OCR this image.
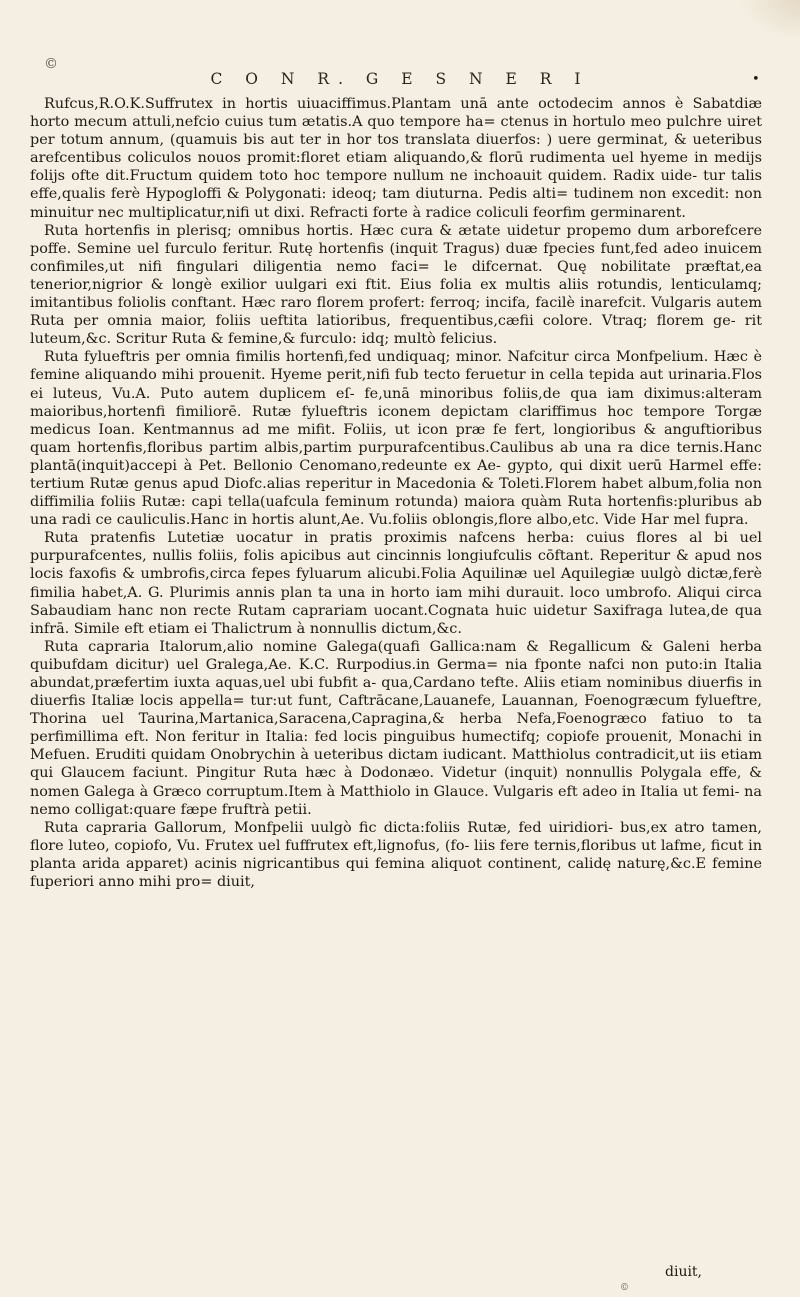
©
C O N R. G E S N E R I	•

Rufcus,R.O.K.Suffrutex in hortis uiuaciffimus.Plantam unā ante octodecim annos è Sabatdiæ horto mecum attuli,nefcio cuius tum ætatis.A quo tempore ha= ctenus in hortulo meo pulchre uiret per totum annum, (quamuis bis aut ter in hor tos translata diuerfos: ) uere germinat, & ueteribus arefcentibus coliculos nouos promit:floret etiam aliquando,& florū rudimenta uel hyeme in medijs folijs ofte dit.Fructum quidem toto hoc tempore nullum ne inchoauit quidem. Radix uide- tur talis effe,qualis ferè Hypogloffi & Polygonati: ideoq; tam diuturna. Pedis alti= tudinem non excedit: non minuitur nec multiplicatur,nifi ut dixi. Refracti forte à radice coliculi feorfim germinarent.

Ruta hortenfis in plerisq; omnibus hortis. Hæc cura & ætate uidetur propemo dum arborefcere poffe. Semine uel furculo feritur. Rutę hortenfis (inquit Tragus) duæ fpecies funt,fed adeo inuicem confimiles,ut nifi fingulari diligentia nemo faci= le difcernat. Quę nobilitate præftat,ea tenerior,nigrior & longè exilior uulgari exi ftit. Eius folia ex multis aliis rotundis, lenticulamq; imitantibus foliolis conftant. Hæc raro florem profert: ferroq; incifa, facilè inarefcit. Vulgaris autem Ruta per omnia maior, foliis ueftita latioribus, frequentibus,cæfii colore. Vtraq; florem ge- rit luteum,&c. Scritur Ruta & femine,& furculo: idq; multò felicius.

Ruta fylueftris per omnia fimilis hortenfi,fed undiquaq; minor. Nafcitur circa Monfpelium. Hæc è femine aliquando mihi prouenit. Hyeme perit,nifi fub tecto feruetur in cella tepida aut urinaria.Flos ei luteus, Vu.A. Puto autem duplicem eſ- fe,unā minoribus foliis,de qua iam diximus:alteram maioribus,hortenfi fimiliorē. Rutæ fylueftris iconem depictam clariffimus hoc tempore Torgæ medicus Ioan. Kentmannus ad me mifit. Foliis, ut icon præ fe fert, longioribus & anguftioribus quam hortenfis,floribus partim albis,partim purpurafcentibus.Caulibus ab una ra dice ternis.Hanc plantā(inquit)accepi à Pet. Bellonio Cenomano,redeunte ex Ae- gypto, qui dixit uerū Harmel effe: tertium Rutæ genus apud Diofc.alias reperitur in Macedonia & Toleti.Florem habet album,folia non diffimilia foliis Rutæ: capi tella(uafcula feminum rotunda) maiora quàm Ruta hortenfis:pluribus ab una radi ce cauliculis.Hanc in hortis alunt,Ae. Vu.foliis oblongis,flore albo,etc. Vide Har mel fupra.

Ruta pratenfis Lutetiæ uocatur in pratis proximis nafcens herba: cuius flores al bi uel purpurafcentes, nullis foliis, folis apicibus aut cincinnis longiufculis cōftant. Reperitur & apud nos locis faxofis & umbrofis,circa fepes fyluarum alicubi.Folia Aquilinæ uel Aquilegiæ uulgò dictæ,ferè fimilia habet,A. G. Plurimis annis plan ta una in horto iam mihi durauit. loco umbrofo. Aliqui circa Sabaudiam hanc non recte Rutam caprariam uocant.Cognata huic uidetur Saxifraga lutea,de qua infrā. Simile eft etiam ei Thalictrum à nonnullis dictum,&c.

Ruta capraria Italorum,alio nomine Galega(quafi Gallica:nam & Regallicum & Galeni herba quibufdam dicitur) uel Gralega,Ae. K.C. Rurpodius.in Germa= nia fponte nafci non puto:in Italia abundat,præfertim iuxta aquas,uel ubi fubfit a- qua,Cardano tefte. Aliis etiam nominibus diuerfis in diuerfis Italiæ locis appella= tur:ut funt, Caftrācane,Lauanefe, Lauannan, Foenogræcum fylueftre, Thorina uel Taurina,Martanica,Saracena,Capragina,& herba Nefa,Foenogræco fatiuo to ta perfimillima eft. Non feritur in Italia: fed locis pinguibus humectifq; copiofe prouenit, Monachi in Mefuen. Eruditi quidam Onobrychin à ueteribus dictam iudicant. Matthiolus contradicit,ut iis etiam qui Glaucem faciunt. Pingitur Ruta hæc à Dodonæo. Videtur (inquit) nonnullis Polygala effe, & nomen Galega à Græco corruptum.Item à Matthiolo in Glauce. Vulgaris eft adeo in Italia ut femi- na nemo colligat:quare fæpe fruftrà petii.

Ruta capraria Gallorum, Monfpelii uulgò fic dicta:foliis Rutæ, fed uiridiori- bus,ex atro tamen, flore luteo, copiofo, Vu. Frutex uel fuffrutex eft,lignofus, (fo- liis fere ternis,floribus ut lafme, ficut in planta arida apparet) acinis nigricantibus qui femina aliquot continent, calidę naturę,&c.E femine fuperiori anno mihi pro= diuit,

diuit,
©
